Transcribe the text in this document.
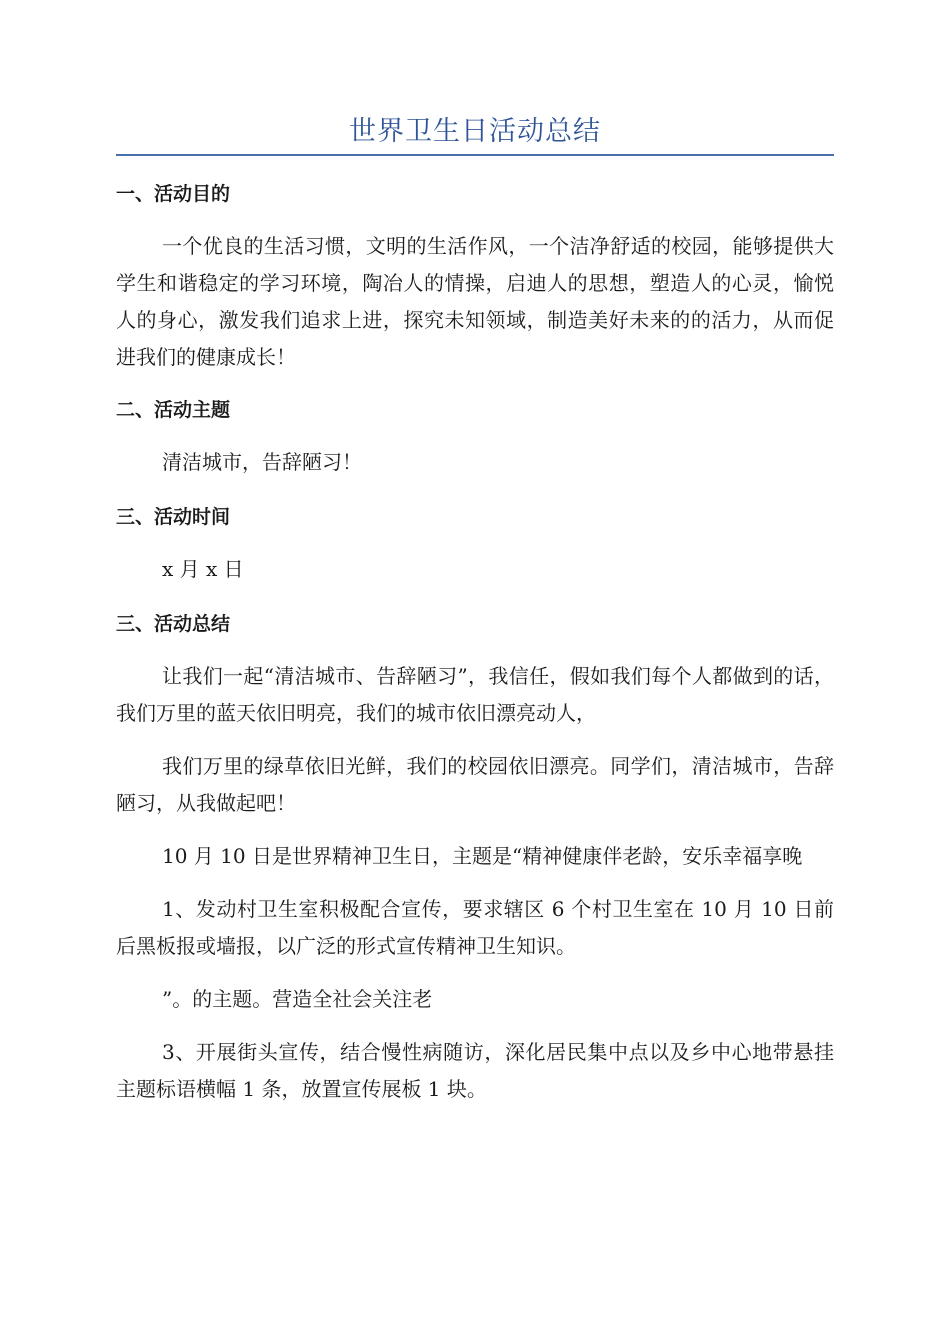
世界卫生日活动总结
一、活动目的

一个优良的生活习惯，文明的生活作风，一个洁净舒适的校园，能够提供大学生和谐稳定的学习环境，陶冶人的情操，启迪人的思想，塑造人的心灵，愉悦人的身心，激发我们追求上进，探究未知领域，制造美好未来的的活力，从而促进我们的健康成长！

二、活动主题

清洁城市，告辞陋习！

三、活动时间

x 月 x 日

三、活动总结

让我们一起“清洁城市、告辞陋习”，我信任，假如我们每个人都做到的话，我们万里的蓝天依旧明亮，我们的城市依旧漂亮动人，

我们万里的绿草依旧光鲜，我们的校园依旧漂亮。同学们，清洁城市，告辞陋习，从我做起吧！

10 月 10 日是世界精神卫生日，主题是“精神健康伴老龄，安乐幸福享晚

1、发动村卫生室积极配合宣传，要求辖区 6 个村卫生室在 10 月 10 日前后黑板报或墙报，以广泛的形式宣传精神卫生知识。

”。的主题。营造全社会关注老

3、开展街头宣传，结合慢性病随访，深化居民集中点以及乡中心地带悬挂主题标语横幅 1 条，放置宣传展板 1 块。
